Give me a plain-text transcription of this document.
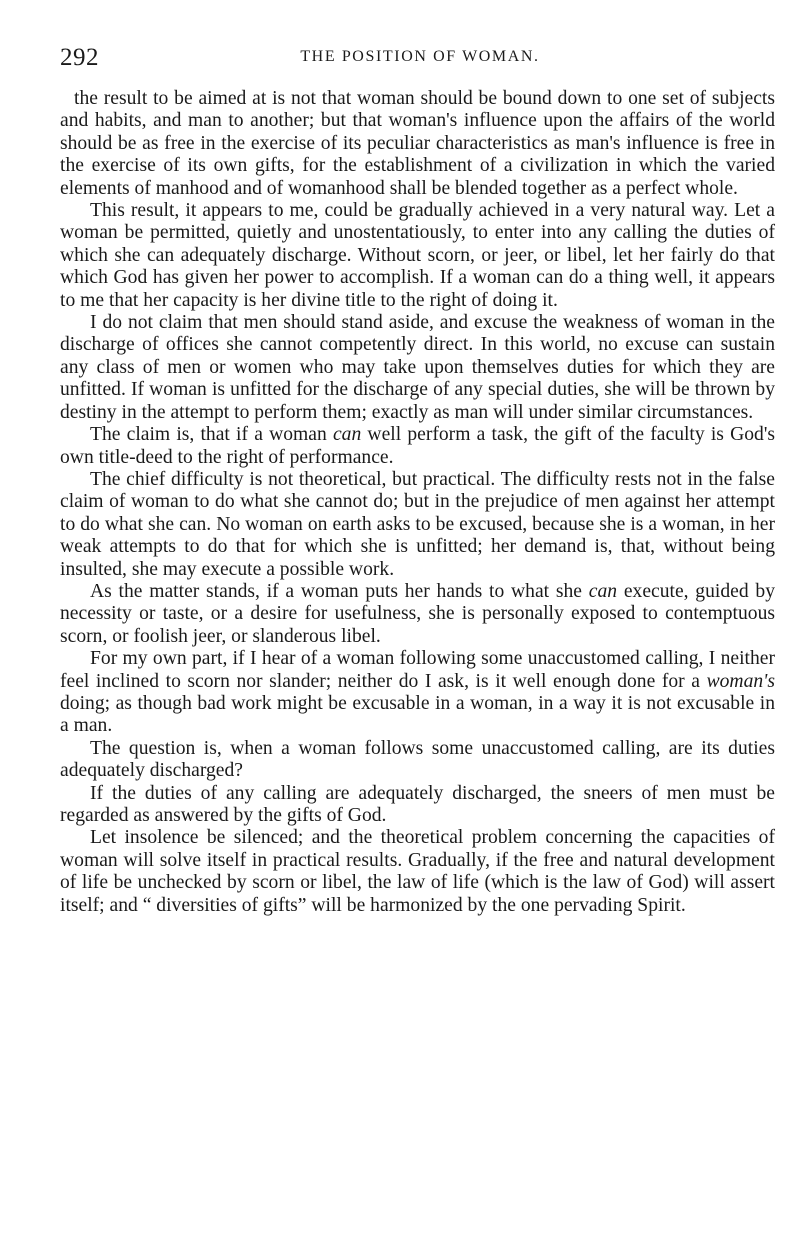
292	THE POSITION OF WOMAN.

the result to be aimed at is not that woman should be bound down to one set of subjects and habits, and man to another; but that woman's influence upon the affairs of the world should be as free in the exercise of its peculiar characteristics as man's influence is free in the exercise of its own gifts, for the establishment of a civilization in which the varied elements of manhood and of womanhood shall be blended together as a perfect whole.

This result, it appears to me, could be gradually achieved in a very natural way. Let a woman be permitted, quietly and unostentatiously, to enter into any calling the duties of which she can adequately discharge. Without scorn, or jeer, or libel, let her fairly do that which God has given her power to accomplish. If a woman can do a thing well, it appears to me that her capacity is her divine title to the right of doing it.

I do not claim that men should stand aside, and excuse the weakness of woman in the discharge of offices she cannot competently direct. In this world, no excuse can sustain any class of men or women who may take upon themselves duties for which they are unfitted. If woman is unfitted for the discharge of any special duties, she will be thrown by destiny in the attempt to perform them; exactly as man will under similar circumstances.

The claim is, that if a woman can well perform a task, the gift of the faculty is God's own title-deed to the right of performance.

The chief difficulty is not theoretical, but practical. The difficulty rests not in the false claim of woman to do what she cannot do; but in the prejudice of men against her attempt to do what she can. No woman on earth asks to be excused, because she is a woman, in her weak attempts to do that for which she is unfitted; her demand is, that, without being insulted, she may execute a possible work.

As the matter stands, if a woman puts her hands to what she can execute, guided by necessity or taste, or a desire for usefulness, she is personally exposed to contemptuous scorn, or foolish jeer, or slanderous libel.

For my own part, if I hear of a woman following some unaccustomed calling, I neither feel inclined to scorn nor slander; neither do I ask, is it well enough done for a woman's doing; as though bad work might be excusable in a woman, in a way it is not excusable in a man.

The question is, when a woman follows some unaccustomed calling, are its duties adequately discharged?

If the duties of any calling are adequately discharged, the sneers of men must be regarded as answered by the gifts of God.

Let insolence be silenced; and the theoretical problem concerning the capacities of woman will solve itself in practical results. Gradually, if the free and natural development of life be unchecked by scorn or libel, the law of life (which is the law of God) will assert itself; and “ diversities of gifts” will be harmonized by the one pervading Spirit.
